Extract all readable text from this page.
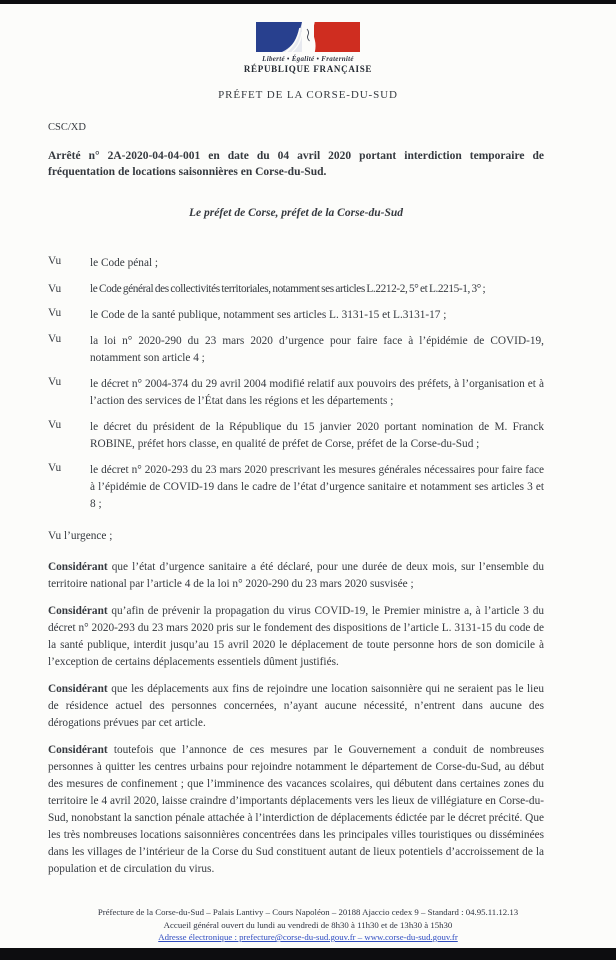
Liberté • Égalité • Fraternité
RÉPUBLIQUE FRANÇAISE
PRÉFET DE LA CORSE-DU-SUD
CSC/XD

Arrêté n° 2A-2020-04-04-001 en date du 04 avril 2020 portant interdiction temporaire de fréquentation de locations saisonnières en Corse-du-Sud.

Le préfet de Corse, préfet de la Corse-du-Sud

Vu	le Code pénal ;

Vu	le Code général des collectivités territoriales, notamment ses articles L.2212-2, 5° et L.2215-1, 3° ;

Vu	le Code de la santé publique, notamment ses articles L. 3131-15 et L.3131-17 ;
Vu	la loi n° 2020-290 du 23 mars 2020 d’urgence pour faire face à l’épidémie de COVID-19, notamment son article 4 ;
Vu	le décret n° 2004-374 du 29 avril 2004 modifié relatif aux pouvoirs des préfets, à l’organisation et à l’action des services de l’État dans les régions et les départements ;
Vu	le décret du président de la République du 15 janvier 2020 portant nomination de M. Franck ROBINE, préfet hors classe, en qualité de préfet de Corse, préfet de la Corse-du-Sud ;
Vu	le décret n° 2020-293 du 23 mars 2020 prescrivant les mesures générales nécessaires pour faire face à l’épidémie de COVID-19 dans le cadre de l’état d’urgence sanitaire et notamment ses articles 3 et 8 ;

Vu l’urgence ;

Considérant que l’état d’urgence sanitaire a été déclaré, pour une durée de deux mois, sur l’ensemble du territoire national par l’article 4 de la loi n° 2020-290 du 23 mars 2020 susvisée ;

Considérant qu’afin de prévenir la propagation du virus COVID-19, le Premier ministre a, à l’article 3 du décret n° 2020-293 du 23 mars 2020 pris sur le fondement des dispositions de l’article L. 3131-15 du code de la santé publique, interdit jusqu’au 15 avril 2020 le déplacement de toute personne hors de son domicile à l’exception de certains déplacements essentiels dûment justifiés.

Considérant que les déplacements aux fins de rejoindre une location saisonnière qui ne seraient pas le lieu de résidence actuel des personnes concernées, n’ayant aucune nécessité, n’entrent dans aucune des dérogations prévues par cet article.

Considérant toutefois que l’annonce de ces mesures par le Gouvernement a conduit de nombreuses personnes à quitter les centres urbains pour rejoindre notamment le département de Corse-du-Sud, au début des mesures de confinement ; que l’imminence des vacances scolaires, qui débutent dans certaines zones du territoire le 4 avril 2020, laisse craindre d’importants déplacements vers les lieux de villégiature en Corse-du-Sud, nonobstant la sanction pénale attachée à l’interdiction de déplacements édictée par le décret précité. Que les très nombreuses locations saisonnières concentrées dans les principales villes touristiques ou disséminées dans les villages de l’intérieur de la Corse du Sud constituent autant de lieux potentiels d’accroissement de la population et de circulation du virus.

Préfecture de la Corse-du-Sud – Palais Lantivy – Cours Napoléon – 20188 Ajaccio cedex 9 – Standard : 04.95.11.12.13
Accueil général ouvert du lundi au vendredi de 8h30 à 11h30 et de 13h30 à 15h30
Adresse électronique : prefecture@corse-du-sud.gouv.fr – www.corse-du-sud.gouv.fr
